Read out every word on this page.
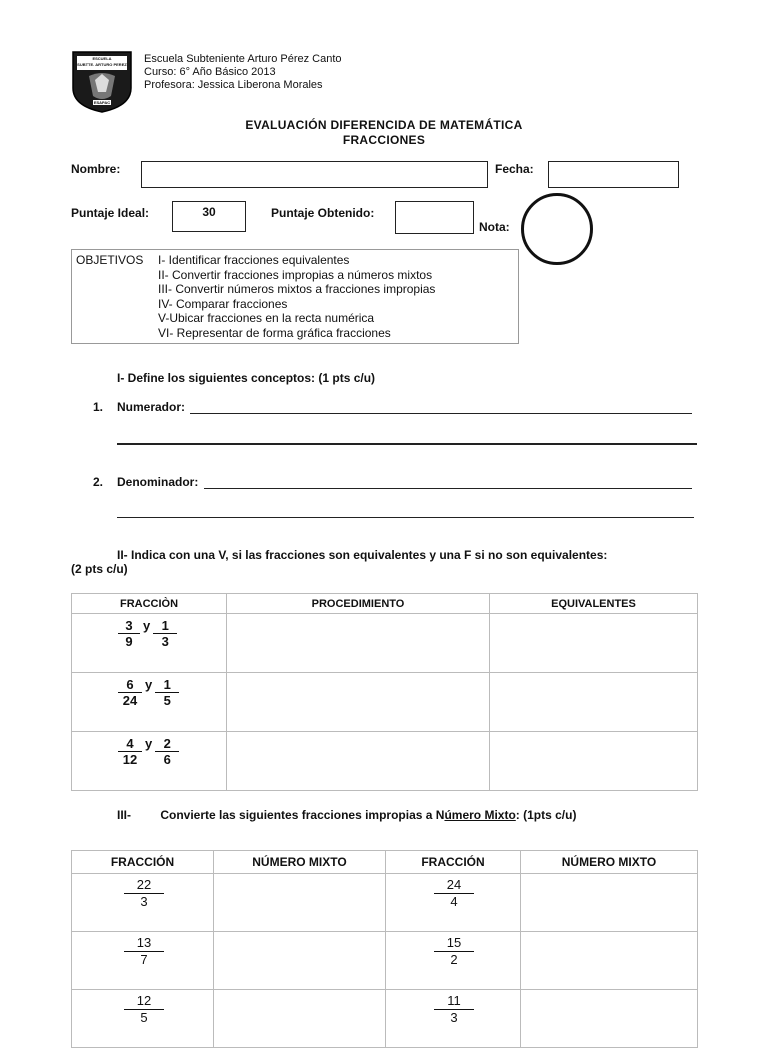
ESCUELA
SUBTTE. ARTURO PEREZ
ESAPAC
Escuela Subteniente Arturo Pérez Canto
Curso: 6° Año Básico 2013
Profesora: Jessica Liberona Morales
EVALUACIÓN DIFERENCIDA DE MATEMÁTICA
FRACCIONES
Nombre:	Fecha:
Puntaje Ideal:	30	Puntaje Obtenido:
Nota:
OBJETIVOS I- Identificar fracciones equivalentes
II- Convertir fracciones impropias a números mixtos
III- Convertir números mixtos a fracciones impropias
IV- Comparar fracciones
V-Ubicar fracciones en la recta numérica
VI- Representar de forma gráfica fracciones
I- Define los siguientes conceptos: (1 pts c/u)
1. Numerador:
2. Denominador:
II- Indica con una V, si las fracciones son equivalentes y una F si no son equivalentes:
(2 pts c/u)
FRACCIÒN	PROCEDIMIENTO	EQUIVALENTES

$\frac{3}{9} ^y \frac{1}{3}$

$\frac{6}{24} ^y \frac{1}{5}$

$\frac{4}{12} ^y \frac{2}{6}$

III- Convierte las siguientes fracciones impropias a Número Mixto: (1pts c/u)
FRACCIÓN	NÚMERO MIXTO	FRACCIÓN	NÚMERO MIXTO

$\frac{22}{3}$		$\frac{24}{4}$

$\frac{13}{7}$		$\frac{15}{2}$

$\frac{12}{5}$		$\frac{11}{3}$
